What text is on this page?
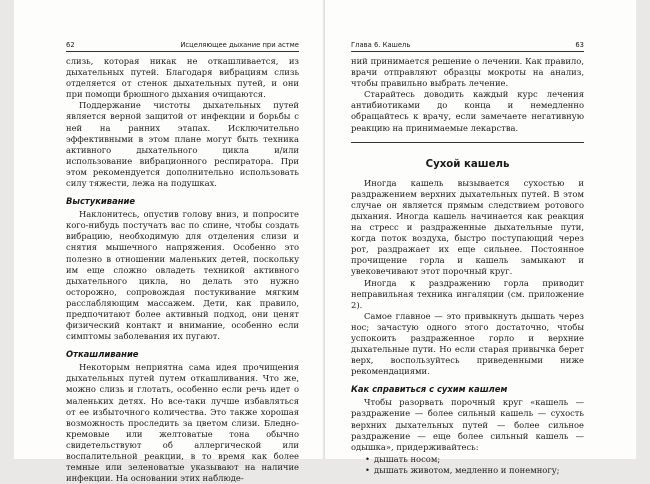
62	Исцеляющее дыхание при астме

слизь, которая никак не откашливается, из дыхательных путей. Благодаря вибрациям слизь отделяется от стенок дыхательных путей, и они при помощи брюшного дыхания очищаются.

Поддержание чистоты дыхательных путей является верной защитой от инфекции и борьбы с ней на ранних этапах. Исключительно эффективными в этом плане могут быть техника активного дыхательного цикла и/или использование вибрационного респиратора. При этом рекомендуется дополнительно использовать силу тяжести, лежа на подушках.

Выстукивание

Наклонитесь, опустив голову вниз, и попросите кого-нибудь постучать вас по спине, чтобы создать вибрацию, необходимую для отделения слизи и снятия мышечного напряжения. Особенно это полезно в отношении маленьких детей, поскольку им еще сложно овладеть техникой активного дыхательного цикла, но делать это нужно осторожно, сопровождая постукивание мягким расслабляющим массажем. Дети, как правило, предпочитают более активный подход, они ценят физический контакт и внимание, особенно если симптомы заболевания их пугают.

Откашливание

Некоторым неприятна сама идея прочищения дыхательных путей путем откашливания. Что же, можно слизь и глотать, особенно если речь идет о маленьких детях. Но все-таки лучше избавляться от ее избыточного количества. Это также хорошая возможность проследить за цветом слизи. Бледно-кремовые или желтоватые тона обычно свидетельствуют об аллергической или воспалительной реакции, в то время как более темные или зеленоватые указывают на наличие инфекции. На основании этих наблюде-

Глава 6. Кашель	63

ний принимается решение о лечении. Как правило, врачи отправляют образцы мокроты на анализ, чтобы правильно выбрать лечение.

Старайтесь доводить каждый курс лечения антибиотиками до конца и немедленно обращайтесь к врачу, если замечаете негативную реакцию на принимаемые лекарства.

Сухой кашель

Иногда кашель вызывается сухостью и раздражением верхних дыхательных путей. В этом случае он является прямым следствием ротового дыхания. Иногда кашель начинается как реакция на стресс и раздраженные дыхательные пути, когда поток воздуха, быстро поступающий через рот, раздражает их еще сильнее. Постоянное прочищение горла и кашель замыкают и увековечивают этот порочный круг.

Иногда к раздражению горла приводит неправильная техника ингаляции (см. приложение 2).

Самое главное — это привыкнуть дышать через нос; зачастую одного этого достаточно, чтобы успокоить раздраженное горло и верхние дыхательные пути. Но если старая привычка берет верх, воспользуйтесь приведенными ниже рекомендациями.

Как справиться с сухим кашлем

Чтобы разорвать порочный круг «кашель — раздражение — более сильный кашель — сухость верхних дыхательных путей — более сильное раздражение — еще более сильный кашель — одышка», придерживайтесь:

• дышать носом;
• дышать животом, медленно и понемногу;
